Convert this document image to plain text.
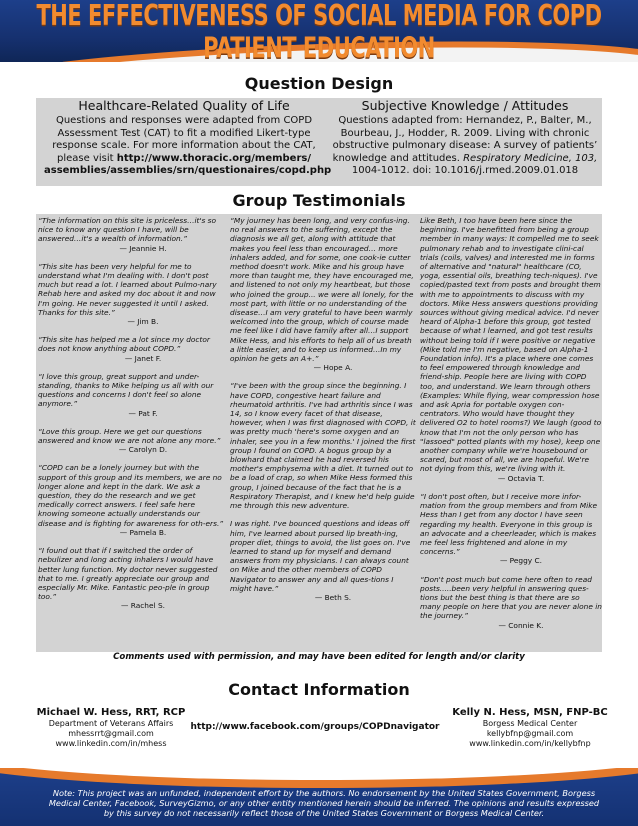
THE EFFECTIVENESS OF SOCIAL MEDIA FOR COPD PATIENT EDUCATION
Question Design
Healthcare-Related Quality of Life
Questions and responses were adapted from COPD
Assessment Test (CAT) to fit a modified Likert-type
response scale. For more information about the CAT,
please visit http://www.thoracic.org/members/
assemblies/assemblies/srn/questionaires/copd.php
Subjective Knowledge / Attitudes
Questions adapted from: Hernandez, P., Balter, M.,
Bourbeau, J., Hodder, R. 2009. Living with chronic
obstructive pulmonary disease: A survey of patients’
knowledge and attitudes. Respiratory Medicine, 103,
1004-1012. doi: 10.1016/j.rmed.2009.01.018
Group Testimonials

“The information on this site is priceless…it's so nice to know any question I have, will be answered…it's a wealth of information.”

— Jeannie H.

“This site has been very helpful for me to understand what I'm dealing with. I don't post much but read a lot. I learned about Pulmo-nary Rehab here and asked my doc about it and now I'm going. He never suggested it until I asked. Thanks for this site.”

— Jim B.

“This site has helped me a lot since my doctor does not know anything about COPD.”

— Janet F.

“I love this group, great support and under-standing, thanks to Mike helping us all with our questions and concerns I don't feel so alone anymore.”

— Pat F.

“Love this group. Here we get our questions answered and know we are not alone any more.”

— Carolyn D.

“COPD can be a lonely journey but with the support of this group and its members, we are no longer alone and kept in the dark. We ask a question, they do the research and we get medically correct answers. I feel safe here knowing someone actually understands our disease and is fighting for awareness for oth-ers.”

— Pamela B.

“I found out that if I switched the order of nebulizer and long acting inhalers I would have better lung function. My doctor never suggested that to me. I greatly appreciate our group and especially Mr. Mike. Fantastic peo-ple in group too.”

— Rachel S.

“My journey has been long, and very confus-ing. no real answers to the suffering, except the diagnosis we all get, along with attitude that makes you feel less than encouraged… more inhalers added, and for some, one cook-ie cutter method doesn't work. Mike and his group have more than taught me, they have encouraged me, and listened to not only my heartbeat, but those who joined the group... we were all lonely, for the most part, with little or no understanding of the disease…I am very grateful to have been warmly welcomed into the group, which of course made me feel like I did have family after all…I support Mike Hess, and his efforts to help all of us breath a little easier, and to keep us informed…In my opinion he gets an A+.”

— Hope A.

“I've been with the group since the beginning. I have COPD, congestive heart failure and rheumatoid arthritis. I've had arthritis since I was 14, so I know every facet of that disease, however, when I was first diagnosed with COPD, it was pretty much 'here's some oxygen and an inhaler, see you in a few months.' I joined the first group I found on COPD. A bogus group by a blowhard that claimed he had reversed his mother's emphysema with a diet. It turned out to be a load of crap, so when Mike Hess formed this group, I joined because of the fact that he is a Respiratory Therapist, and I knew he'd help guide me through this new adventure.

I was right. I've bounced questions and ideas off him, I've learned about pursed lip breath-ing, proper diet, things to avoid, the list goes on. I've learned to stand up for myself and demand answers from my physicians. I can always count on Mike and the other members of COPD Navigator to answer any and all ques-tions I might have.”

— Beth S.

Like Beth, I too have been here since the beginning. I've benefitted from being a group member in many ways: It compelled me to seek pulmonary rehab and to investigate clini-cal trials (coils, valves) and interested me in forms of alternative and "natural" healthcare (CO, yoga, essential oils, breathing tech-niques). I've copied/pasted text from posts and brought them with me to appointments to discuss with my doctors. Mike Hess answers questions providing sources without giving medical advice. I'd never heard of Alpha-1 before this group, got tested because of what I learned, and got test results without being told if I were positive or negative (Mike told me I'm negative, based on Alpha-1 Foundation info). It's a place where one comes to feel empowered through knowledge and friend-ship. People here are living with COPD too, and understand. We learn through others (Examples: While flying, wear compression hose and ask Apria for portable oxygen con-centrators. Who would have thought they delivered O2 to hotel rooms?) We laugh (good to know that I'm not the only person who has "lassoed" potted plants with my hose), keep one another company while we're housebound or scared, but most of all, we are hopeful. We're not dying from this, we're living with it.

— Octavia T.

“I don't post often, but I receive more infor-mation from the group members and from Mike Hess than I get from any doctor I have seen regarding my health. Everyone in this group is an advocate and a cheerleader, which is makes me feel less frightened and alone in my concerns.”

— Peggy C.

“Don't post much but come here often to read posts.....been very helpful in answering ques-tions but the best thing is that there are so many people on here that you are never alone in the journey.”

— Connie K.

Comments used with permission, and may have been edited for length and/or clarity
Contact Information
Michael W. Hess, RRT, RCP
Department of Veterans Affairs
mhessrrt@gmail.com
www.linkedin.com/in/mhess
http://www.facebook.com/groups/COPDnavigator
Kelly N. Hess, MSN, FNP-BC
Borgess Medical Center
kellybfnp@gmail.com
www.linkedin.com/in/kellybfnp
Note: This project was an unfunded, independent effort by the authors. No endorsement by the United States Government, Borgess Medical Center, Facebook, SurveyGizmo, or any other entity mentioned herein should be inferred. The opinions and results expressed by this survey do not necessarily reflect those of the United States Government or Borgess Medical Center.
